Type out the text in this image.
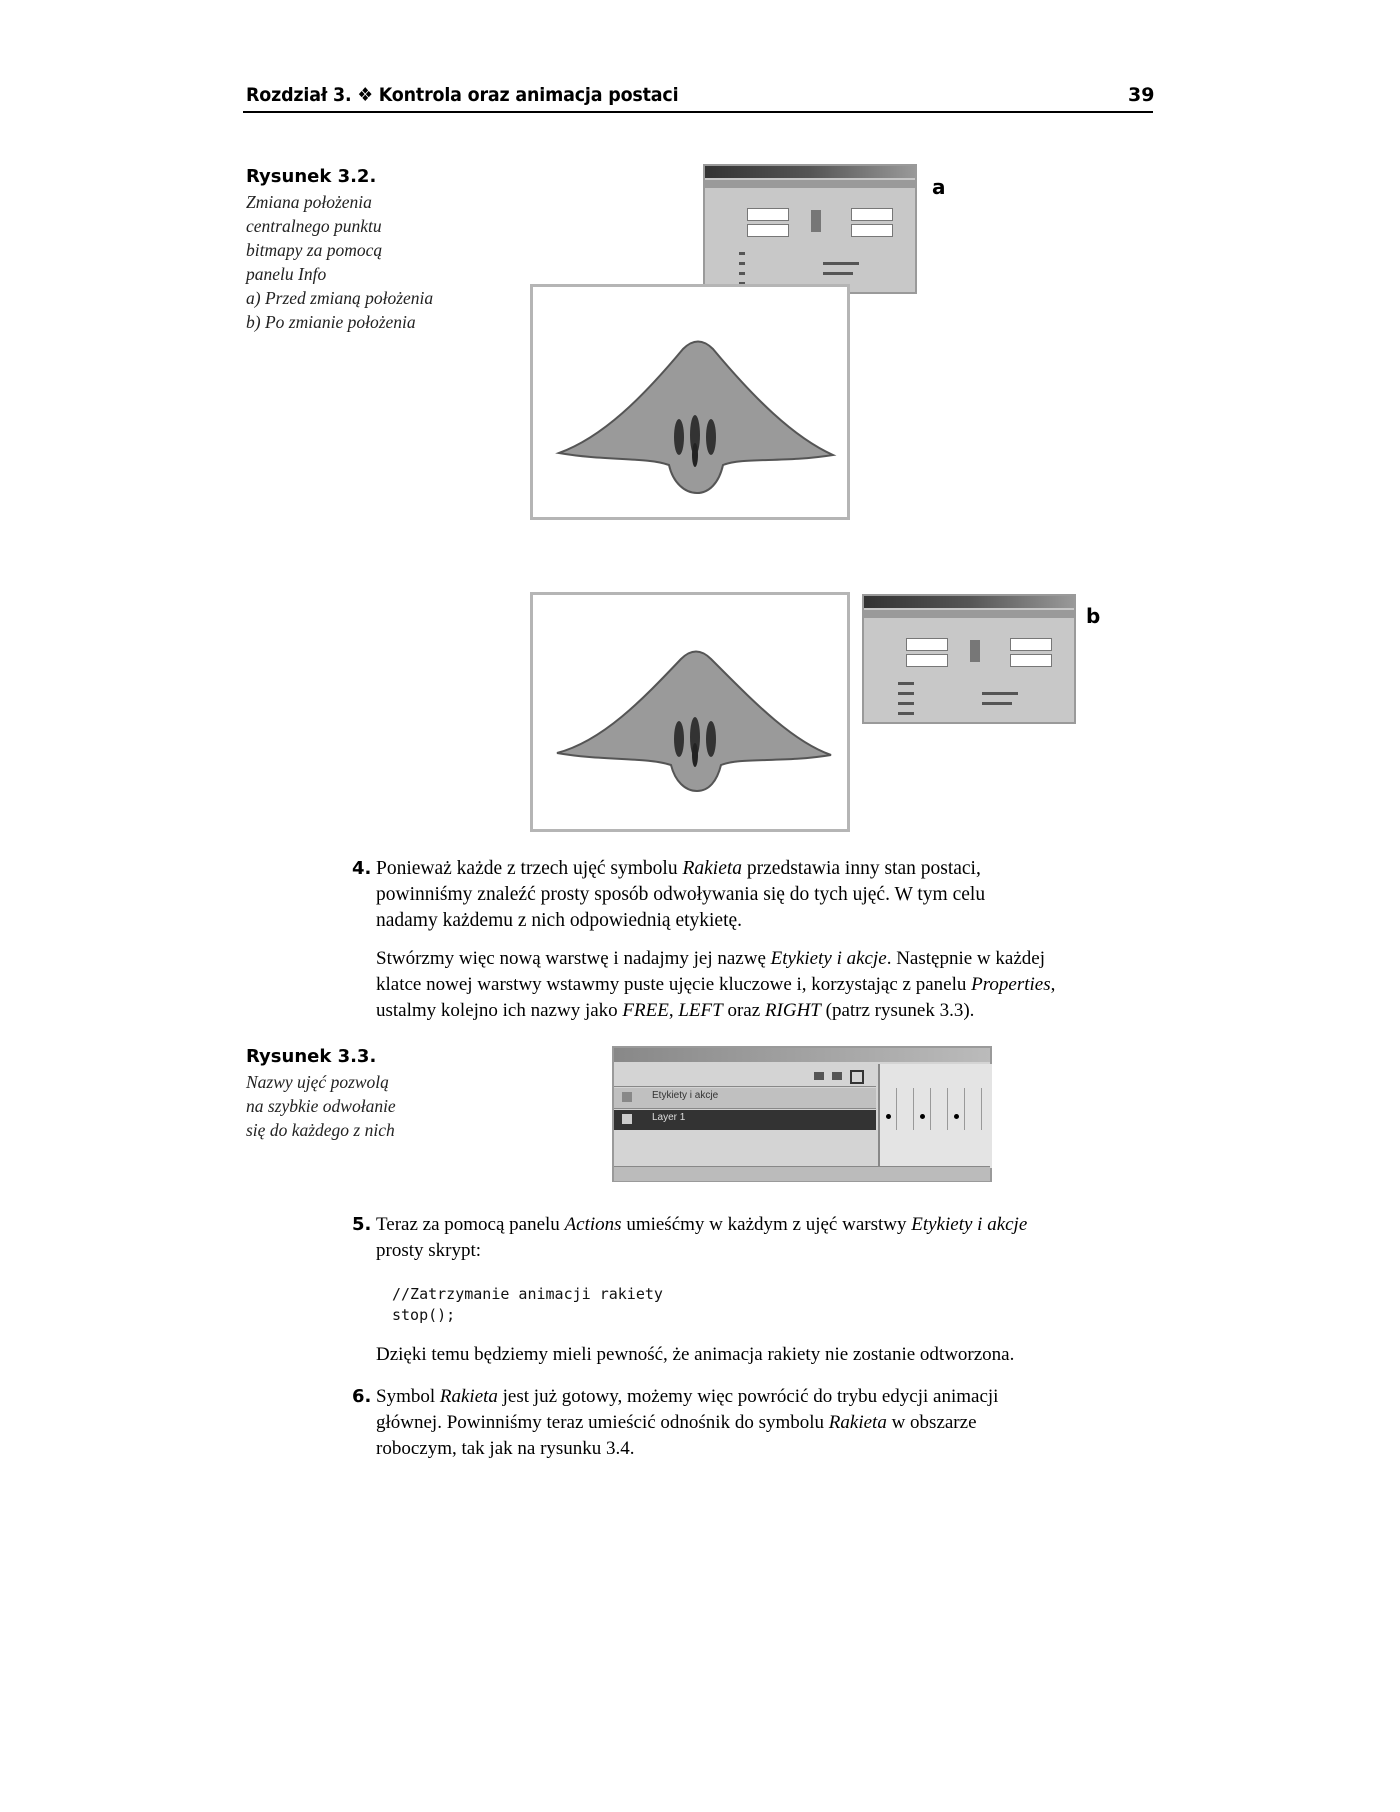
Rozdział 3. ❖ Kontrola oraz animacja postaci	39
Rysunek 3.2.
Zmiana położenia
centralnego punktu
bitmapy za pomocą
panelu Info
a) Przed zmianą położenia
b) Po zmianie położenia
a
b
4. Ponieważ każde z trzech ujęć symbolu Rakieta przedstawia inny stan postaci,
powinniśmy znaleźć prosty sposób odwoływania się do tych ujęć. W tym celu
nadamy każdemu z nich odpowiednią etykietę.
Stwórzmy więc nową warstwę i nadajmy jej nazwę Etykiety i akcje. Następnie w każdej
klatce nowej warstwy wstawmy puste ujęcie kluczowe i, korzystając z panelu Properties,
ustalmy kolejno ich nazwy jako FREE, LEFT oraz RIGHT (patrz rysunek 3.3).
Rysunek 3.3.
Nazwy ujęć pozwolą
na szybkie odwołanie
się do każdego z nich
Etykiety i akcje
Layer 1
5. Teraz za pomocą panelu Actions umieśćmy w każdym z ujęć warstwy Etykiety i akcje
prosty skrypt:
//Zatrzymanie animacji rakiety
stop();
Dzięki temu będziemy mieli pewność, że animacja rakiety nie zostanie odtworzona.
6. Symbol Rakieta jest już gotowy, możemy więc powrócić do trybu edycji animacji
głównej. Powinniśmy teraz umieścić odnośnik do symbolu Rakieta w obszarze
roboczym, tak jak na rysunku 3.4.
